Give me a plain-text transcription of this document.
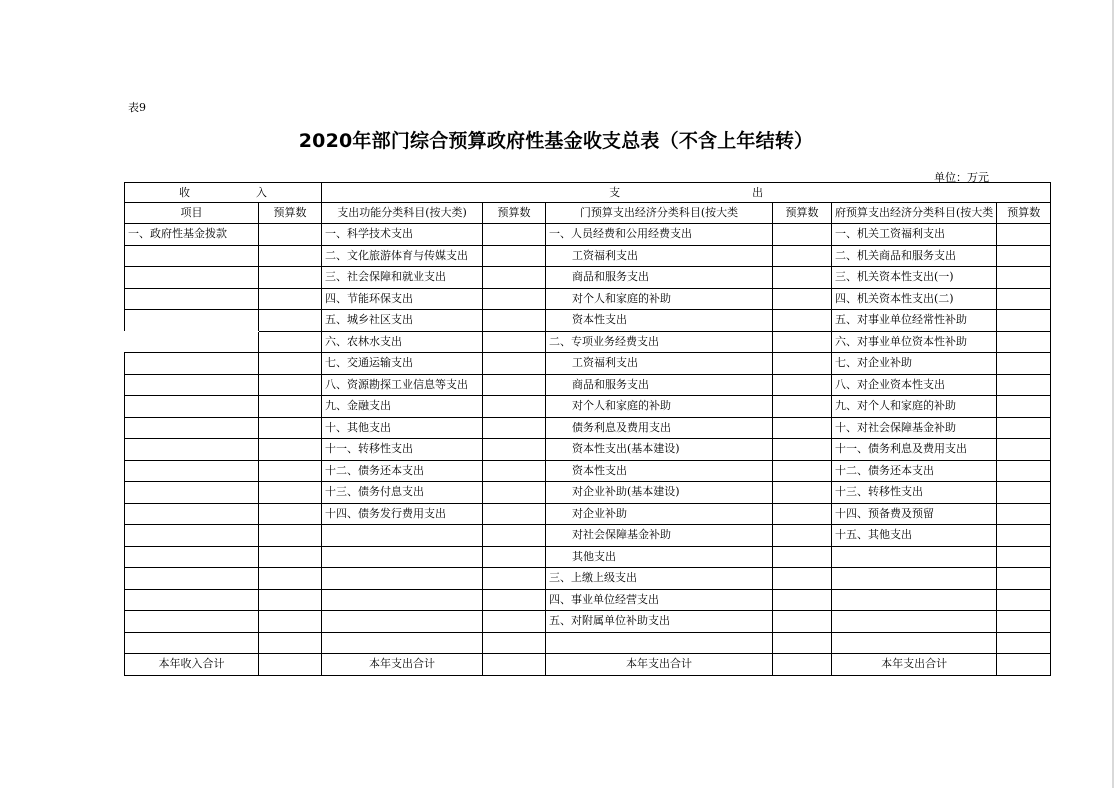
表9
2020年部门综合预算政府性基金收支总表（不含上年结转）
单位：万元
收　　　　　　入		支　　　　　　　　　　　　出					
项目	预算数	支出功能分类科目(按大类)	预算数	门预算支出经济分类科目(按大类	预算数	府预算支出经济分类科目(按大类	预算数
一、政府性基金拨款		一、科学技术支出		一、人员经费和公用经费支出		一、机关工资福利支出	
		二、文化旅游体育与传媒支出		工资福利支出		二、机关商品和服务支出	
		三、社会保障和就业支出		商品和服务支出		三、机关资本性支出(一)	
		四、节能环保支出		对个人和家庭的补助		四、机关资本性支出(二)	
		五、城乡社区支出		资本性支出		五、对事业单位经常性补助	
		六、农林水支出		二、专项业务经费支出		六、对事业单位资本性补助	
		七、交通运输支出		工资福利支出		七、对企业补助	
		八、资源勘探工业信息等支出		商品和服务支出		八、对企业资本性支出	
		九、金融支出		对个人和家庭的补助		九、对个人和家庭的补助	
		十、其他支出		债务利息及费用支出		十、对社会保障基金补助	
		十一、转移性支出		资本性支出(基本建设)		十一、债务利息及费用支出	
		十二、债务还本支出		资本性支出		十二、债务还本支出	
		十三、债务付息支出		对企业补助(基本建设)		十三、转移性支出	
		十四、债务发行费用支出		对企业补助		十四、预备费及预留	
				对社会保障基金补助		十五、其他支出	
				其他支出			
				三、上缴上级支出			
				四、事业单位经营支出			
				五、对附属单位补助支出			

本年收入合计		本年支出合计		本年支出合计		本年支出合计	
